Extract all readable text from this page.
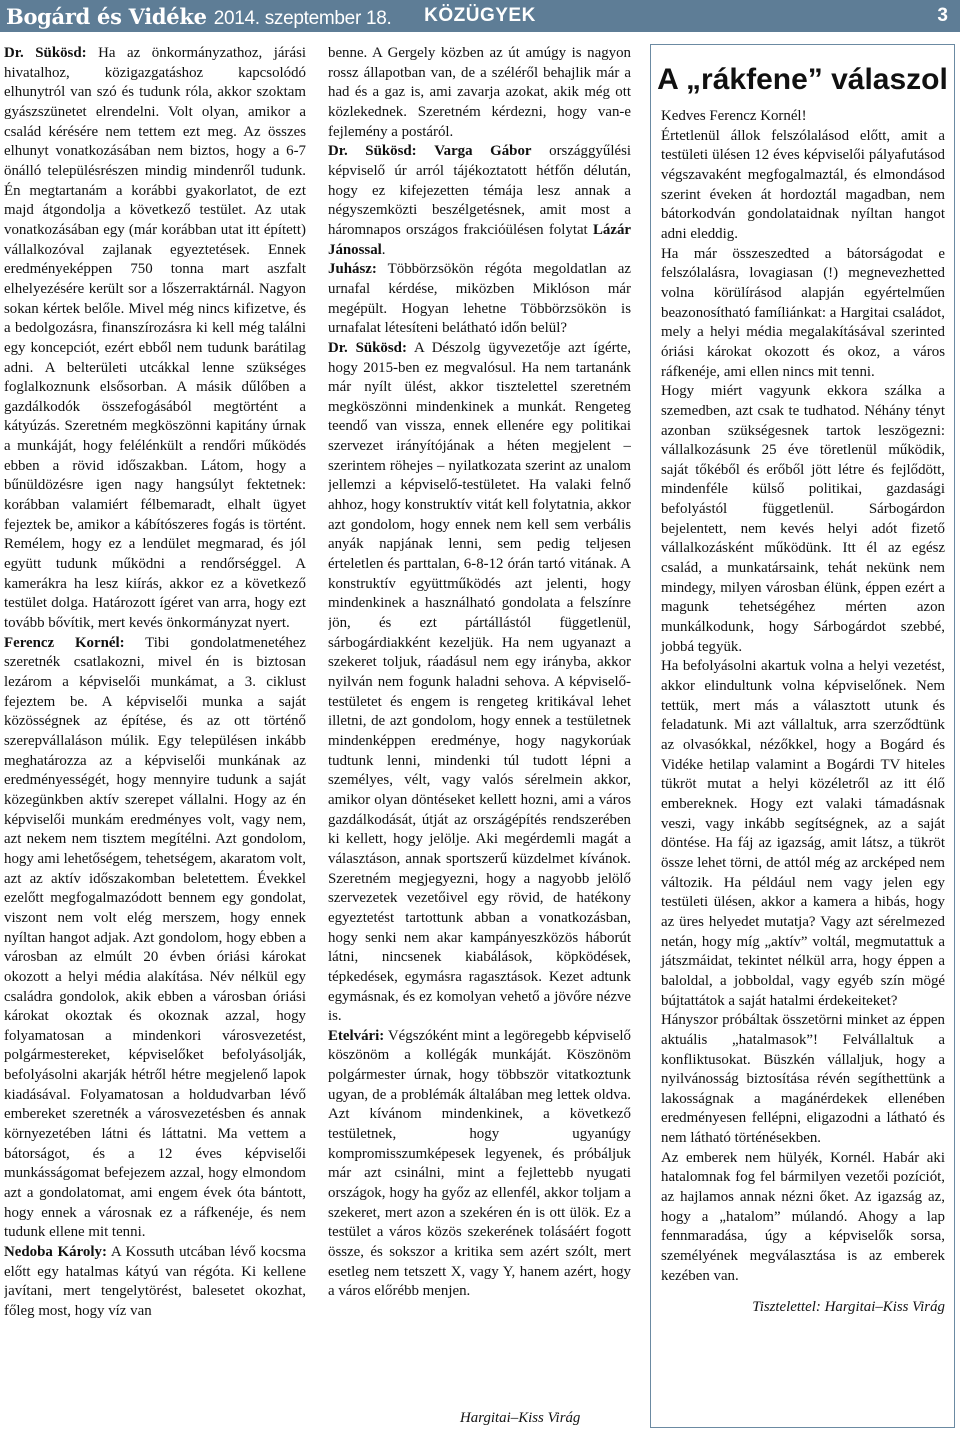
Bogárd és Vidéke 2014. szeptember 18.	KÖZÜGYEK	3

Dr. Sükösd: Ha az önkormányzathoz, járási hivatalhoz, közigazgatáshoz kapcsolódó elhunytról van szó és tudunk róla, akkor szoktam gyászszünetet elrendelni. Volt olyan, amikor a család kérésére nem tettem ezt meg. Az összes elhunyt vonatkozásában nem biztos, hogy a 6-7 önálló településrészen mindig mindenről tudunk. Én megtartanám a korábbi gyakorlatot, de ezt majd átgondolja a következő testület. Az utak vonatkozásában egy (már korábban utat itt épített) vállalkozóval zajlanak egyeztetések. Ennek eredményeképpen 750 tonna mart aszfalt elhelyezésére került sor a lőszerraktárnál. Nagyon sokan kértek belőle. Mivel még nincs kifizetve, és a bedolgozásra, finanszírozásra ki kell még találni egy koncepciót, ezért ebből nem tudunk barátilag adni. A belterületi utcákkal lenne szükséges foglalkoznunk elsősorban. A másik dűlőben a gazdálkodók összefogásából megtörtént a kátyúzás. Szeretném megköszönni kapitány úrnak a munkáját, hogy felélénkült a rendőri működés ebben a rövid időszakban. Látom, hogy a bűnüldözésre igen nagy hangsúlyt fektetnek: korábban valamiért félbemaradt, elhalt ügyet fejeztek be, amikor a kábítószeres fogás is történt. Remélem, hogy ez a lendület megmarad, és jól együtt tudunk működni a rendőrséggel. A kamerákra ha lesz kiírás, akkor ez a következő testület dolga. Határozott ígéret van arra, hogy ezt tovább bővítik, mert kevés önkormányzat nyert.

Ferencz Kornél: Tibi gondolatmenetéhez szeretnék csatlakozni, mivel én is biztosan lezárom a képviselői munkámat, a 3. ciklust fejeztem be. A képviselői munka a saját közösségnek az építése, és az ott történő szerepvállaláson múlik. Egy településen inkább meghatározza az a képviselői munkának az eredményességét, hogy mennyire tudunk a saját közegünkben aktív szerepet vállalni. Hogy az én képviselői munkám eredményes volt, vagy nem, azt nekem nem tisztem megítélni. Azt gondolom, hogy ami lehetőségem, tehetségem, akaratom volt, azt az aktív időszakomban beletettem. Évekkel ezelőtt megfogalmazódott bennem egy gondolat, viszont nem volt elég merszem, hogy ennek nyíltan hangot adjak. Azt gondolom, hogy ebben a városban az elmúlt 20 évben óriási károkat okozott a helyi média alakítása. Név nélkül egy családra gondolok, akik ebben a városban óriási károkat okoztak és okoznak azzal, hogy folyamatosan a mindenkori városvezetést, polgármestereket, képviselőket befolyásolják, befolyásolni akarják hétről hétre megjelenő lapok kiadásával. Folyamatosan a holdudvarban lévő embereket szeretnék a városvezetésben és annak környezetében látni és láttatni. Ma vettem a bátorságot, és a 12 éves képviselői munkásságomat befejezem azzal, hogy elmondom azt a gondolatomat, ami engem évek óta bántott, hogy ennek a városnak ez a ráfkenéje, és nem tudunk ellene mit tenni.

Nedoba Károly: A Kossuth utcában lévő kocsma előtt egy hatalmas kátyú van régóta. Ki kellene javítani, mert tengelytörést, balesetet okozhat, főleg most, hogy víz van

benne. A Gergely közben az út amúgy is nagyon rossz állapotban van, de a széléről behajlik már a had és a gaz is, ami zavarja azokat, akik még ott közlekednek. Szeretném kérdezni, hogy van-e fejlemény a postáról.

Dr. Sükösd: Varga Gábor országgyűlési képviselő úr arról tájékoztatott hétfőn délután, hogy ez kifejezetten témája lesz annak a négyszemközti beszélgetésnek, amit most a háromnapos országos frakcióülésen folytat Lázár Jánossal.

Juhász: Többörzsökön régóta megoldatlan az urnafal kérdése, miközben Miklóson már megépült. Hogyan lehetne Többörzsökön is urnafalat létesíteni belátható időn belül?

Dr. Sükösd: A Dészolg ügyvezetője azt ígérte, hogy 2015-ben ez megvalósul. Ha nem tartanánk már nyílt ülést, akkor tisztelettel szeretném megköszönni mindenkinek a munkát. Rengeteg teendő van vissza, ennek ellenére egy politikai szervezet irányítójának a héten megjelent – szerintem röhejes – nyilatkozata szerint az unalom jellemzi a képviselő-testületet. Ha valaki felnő ahhoz, hogy konstruktív vitát kell folytatnia, akkor azt gondolom, hogy ennek nem kell sem verbális anyák napjának lenni, sem pedig teljesen érteletlen és parttalan, 6-8-12 órán tartó vitának. A konstruktív együttműködés azt jelenti, hogy mindenkinek a használható gondolata a felszínre jön, és ezt pártállástól függetlenül, sárbogárdiakként kezeljük. Ha nem ugyanazt a szekeret toljuk, ráadásul nem egy irányba, akkor nyilván nem fogunk haladni sehova. A képviselő-testületet és engem is rengeteg kritikával lehet illetni, de azt gondolom, hogy ennek a testületnek mindenképpen eredménye, hogy nagykorúak tudtunk lenni, mindenki túl tudott lépni a személyes, vélt, vagy valós sérelmein akkor, amikor olyan döntéseket kellett hozni, ami a város gazdálkodását, útját az országépítés rendszerében ki kellett, hogy jelölje. Aki megérdemli magát a választáson, annak sportszerű küzdelmet kívánok. Szeretném megjegyezni, hogy a nagyobb jelölő szervezetek vezetőivel egy rövid, de hatékony egyeztetést tartottunk abban a vonatkozásban, hogy senki nem akar kampányeszközös háborút látni, nincsenek kiabálások, köpködések, tépkedések, egymásra ragasztások. Kezet adtunk egymásnak, és ez komolyan vehető a jövőre nézve is.

Etelvári: Végszóként mint a legöregebb képviselő köszönöm a kollégák munkáját. Köszönöm polgármester úrnak, hogy többször vitatkoztunk ugyan, de a problémák általában meg lettek oldva. Azt kívánom mindenkinek, a következő testületnek, hogy ugyanúgy kompromisszumképesek legyenek, és próbáljuk már azt csinálni, mint a fejlettebb nyugati országok, hogy ha győz az ellenfél, akkor toljam a szekeret, mert azon a szekéren én is ott ülök. Ez a testület a város közös szekerének tolásáért fogott össze, és sokszor a kritika sem azért szólt, mert esetleg nem tetszett X, vagy Y, hanem azért, hogy a város előrébb menjen.

Hargitai–Kiss Virág
A „rákfene” válaszol

Kedves Ferencz Kornél!

Értetlenül állok felszólalásod előtt, amit a testületi ülésen 12 éves képviselői pályafutásod végszavaként megfogalmaztál, és elmondásod szerint éveken át hordoztál magadban, nem bátorkodván gondolataidnak nyíltan hangot adni eleddig.

Ha már összeszedted a bátorságodat e felszólalásra, lovagiasan (!) megnevezhetted volna körülírásod alapján egyértelműen beazonosítható famíliánkat: a Hargitai családot, mely a helyi média megalakításával szerinted óriási károkat okozott és okoz, a város ráfkenéje, ami ellen nincs mit tenni.

Hogy miért vagyunk ekkora szálka a szemedben, azt csak te tudhatod. Néhány tényt azonban szükségesnek tartok leszögezni: vállalkozásunk 25 éve töretlenül működik, saját tőkéből és erőből jött létre és fejlődött, mindenféle külső politikai, gazdasági befolyástól függetlenül. Sárbogárdon bejelentett, nem kevés helyi adót fizető vállalkozásként működünk. Itt él az egész család, a munkatársaink, tehát nekünk nem mindegy, milyen városban élünk, éppen ezért a magunk tehetségéhez mérten azon munkálkodunk, hogy Sárbogárdot szebbé, jobbá tegyük.

Ha befolyásolni akartuk volna a helyi vezetést, akkor elindultunk volna képviselőnek. Nem tettük, mert más a választott utunk és feladatunk. Mi azt vállaltuk, arra szerződtünk az olvasókkal, nézőkkel, hogy a Bogárd és Vidéke hetilap valamint a Bogárdi TV hiteles tükröt mutat a helyi közéletről az itt élő embereknek. Hogy ezt valaki támadásnak veszi, vagy inkább segítségnek, az a saját döntése. Ha fáj az igazság, amit látsz, a tükröt össze lehet törni, de attól még az arcképed nem változik. Ha például nem vagy jelen egy testületi ülésen, akkor a kamera a hibás, hogy az üres helyedet mutatja? Vagy azt sérelmezed netán, hogy míg „aktív” voltál, megmutattuk a játszmáidat, tekintet nélkül arra, hogy éppen a baloldal, a jobboldal, vagy egyéb szín mögé bújtattátok a saját hatalmi érdekeiteket?

Hányszor próbáltak összetörni minket az éppen aktuális „hatalmasok”! Felvállaltuk a konfliktusokat. Büszkén vállaljuk, hogy a nyilvánosság biztosítása révén segíthettünk a lakosságnak a magánérdekek ellenében eredményesen fellépni, eligazodni a látható és nem látható történésekben.

Az emberek nem hülyék, Kornél. Habár aki hatalomnak fog fel bármilyen vezetői pozíciót, az hajlamos annak nézni őket. Az igazság az, hogy a „hatalom” múlandó. Ahogy a lap fennmaradása, úgy a képviselők sorsa, személyének megválasztása is az emberek kezében van.

Tisztelettel: Hargitai–Kiss Virág
